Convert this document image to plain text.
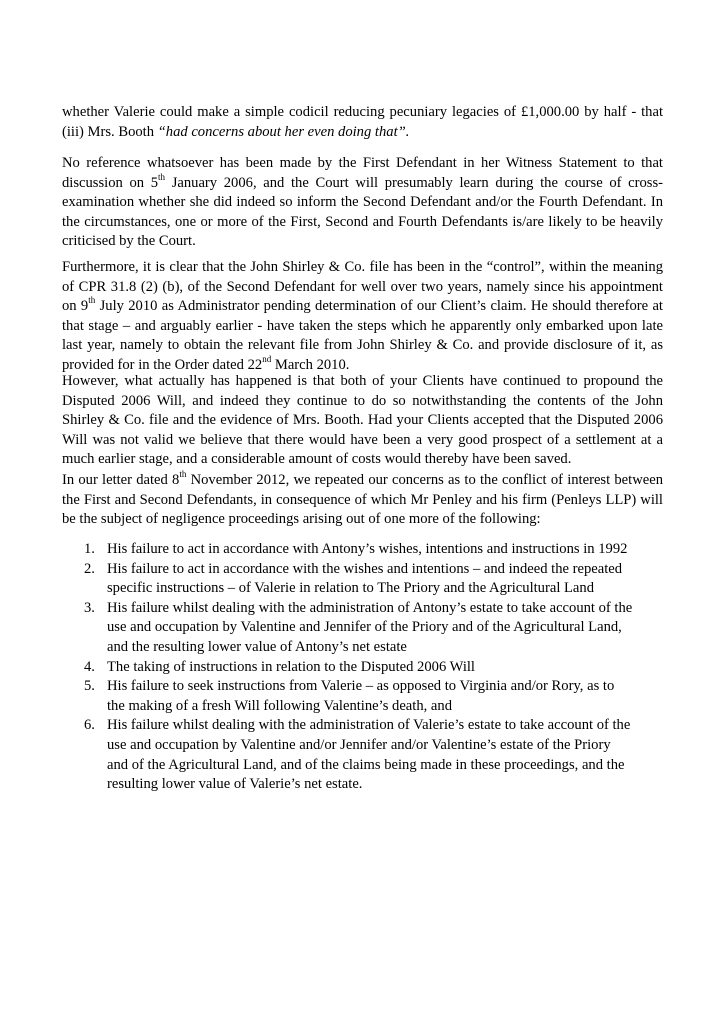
whether Valerie could make a simple codicil reducing pecuniary legacies of £1,000.00 by half - that
(iii) Mrs. Booth “had concerns about her even doing that”.
No reference whatsoever has been made by the First Defendant in her Witness Statement to that
discussion on 5th January 2006, and the Court will presumably learn during the course of cross-
examination whether she did indeed so inform the Second Defendant and/or the Fourth Defendant. In
the circumstances, one or more of the First, Second and Fourth Defendants is/are likely to be heavily
criticised by the Court.
Furthermore, it is clear that the John Shirley & Co. file has been in the “control”, within the meaning
of CPR 31.8 (2) (b), of the Second Defendant for well over two years, namely since his appointment
on 9th July 2010 as Administrator pending determination of our Client’s claim. He should therefore at
that stage – and arguably earlier - have taken the steps which he apparently only embarked upon late
last year, namely to obtain the relevant file from John Shirley & Co. and provide disclosure of it, as
provided for in the Order dated 22nd March 2010.
However, what actually has happened is that both of your Clients have continued to propound the
Disputed 2006 Will, and indeed they continue to do so notwithstanding the contents of the John
Shirley & Co. file and the evidence of Mrs. Booth. Had your Clients accepted that the Disputed 2006
Will was not valid we believe that there would have been a very good prospect of a settlement at a
much earlier stage, and a considerable amount of costs would thereby have been saved.
In our letter dated 8th November 2012, we repeated our concerns as to the conflict of interest between
the First and Second Defendants, in consequence of which Mr Penley and his firm (Penleys LLP) will
be the subject of negligence proceedings arising out of one more of the following:
1. His failure to act in accordance with Antony’s wishes, intentions and instructions in 1992
2. His failure to act in accordance with the wishes and intentions – and indeed the repeated
specific instructions – of Valerie in relation to The Priory and the Agricultural Land
3. His failure whilst dealing with the administration of Antony’s estate to take account of the
use and occupation by Valentine and Jennifer of the Priory and of the Agricultural Land,
and the resulting lower value of Antony’s net estate
4. The taking of instructions in relation to the Disputed 2006 Will
5. His failure to seek instructions from Valerie – as opposed to Virginia and/or Rory, as to
the making of a fresh Will following Valentine’s death, and
6. His failure whilst dealing with the administration of Valerie’s estate to take account of the
use and occupation by Valentine and/or Jennifer and/or Valentine’s estate of the Priory
and of the Agricultural Land, and of the claims being made in these proceedings, and the
resulting lower value of Valerie’s net estate.
